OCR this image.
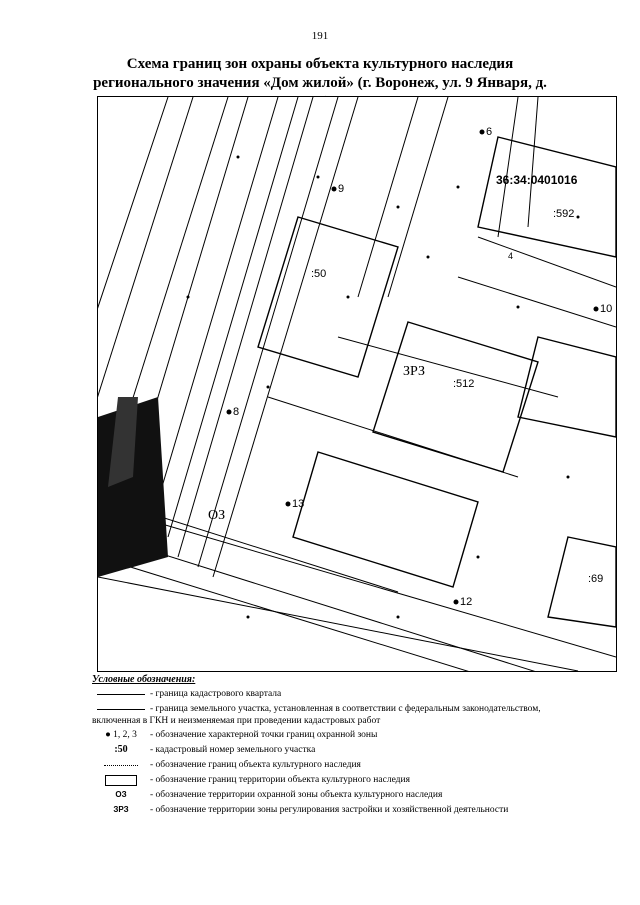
191
Схема границ зон охраны объекта культурного наследия регионального значения «Дом жилой» (г. Воронеж, ул. 9 Января, д.
36:34:0401016
:592
:50
:512
:69
4
ЗРЗ
ОЗ
9
10
8
13
12
6
Условные обозначения:
- граница кадастрового квартала
- граница земельного участка, установленная в соответствии с федеральным законодательством,
включенная в ГКН и неизменяемая при проведении кадастровых работ
● 1, 2, 3 - обозначение характерной точки границ охранной зоны
:50 - кадастровый номер земельного участка
- обозначение границ объекта культурного наследия
- обозначение границ территории объекта культурного наследия
ОЗ - обозначение территории охранной зоны объекта культурного наследия
ЗРЗ - обозначение территории зоны регулирования застройки и хозяйственной деятельности
